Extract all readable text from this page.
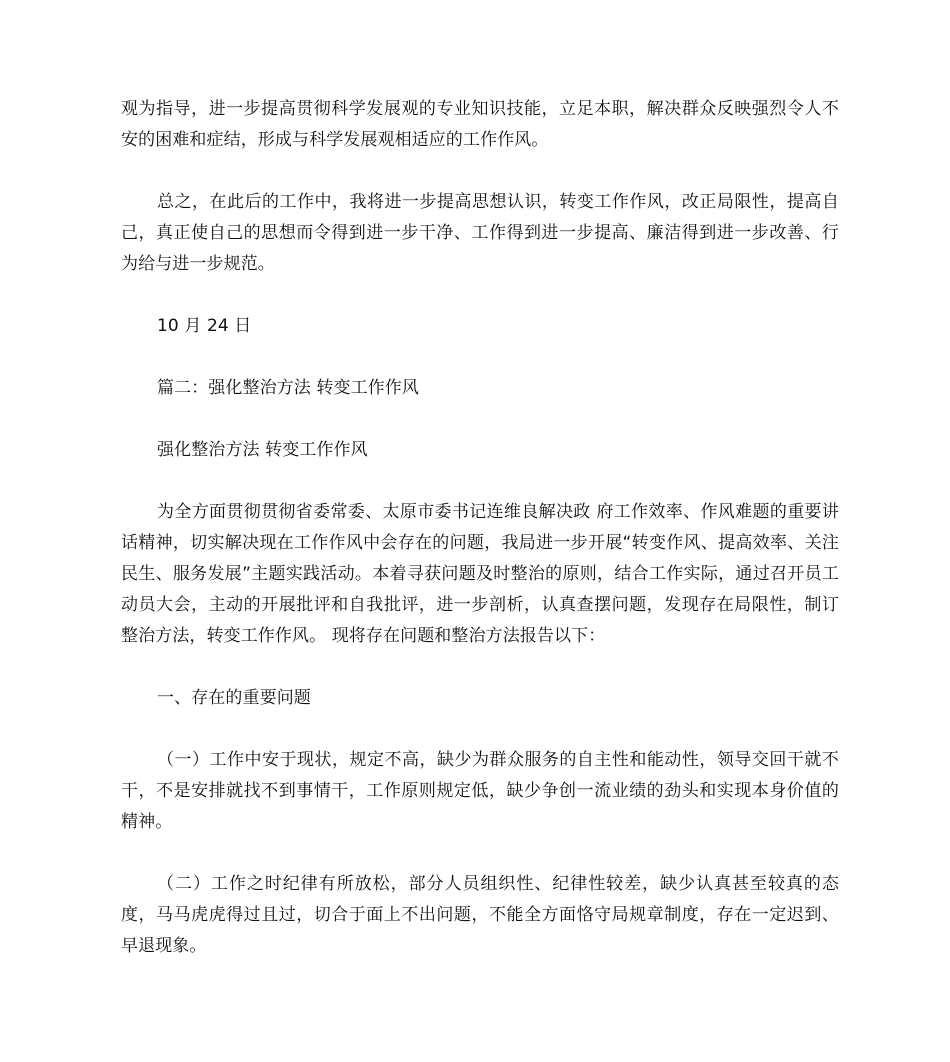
观为指导，进一步提高贯彻科学发展观的专业知识技能，立足本职，解决群众反映强烈令人不安的困难和症结，形成与科学发展观相适应的工作作风。

总之，在此后的工作中，我将进一步提高思想认识，转变工作作风，改正局限性，提高自己，真正使自己的思想而令得到进一步干净、工作得到进一步提高、廉洁得到进一步改善、行为给与进一步规范。

10 月 24 日

篇二：强化整治方法 转变工作作风

强化整治方法 转变工作作风

为全方面贯彻贯彻省委常委、太原市委书记连维良解决政 府工作效率、作风难题的重要讲话精神，切实解决现在工作作风中会存在的问题，我局进一步开展“转变作风、提高效率、关注民生、服务发展”主题实践活动。本着寻获问题及时整治的原则，结合工作实际，通过召开员工动员大会，主动的开展批评和自我批评，进一步剖析，认真查摆问题，发现存在局限性，制订整治方法，转变工作作风。 现将存在问题和整治方法报告以下：

一、存在的重要问题

（一）工作中安于现状，规定不高，缺少为群众服务的自主性和能动性，领导交回干就不干，不是安排就找不到事情干，工作原则规定低，缺少争创一流业绩的劲头和实现本身价值的精神。

（二）工作之时纪律有所放松，部分人员组织性、纪律性较差，缺少认真甚至较真的态度，马马虎虎得过且过，切合于面上不出问题，不能全方面恪守局规章制度，存在一定迟到、早退现象。
